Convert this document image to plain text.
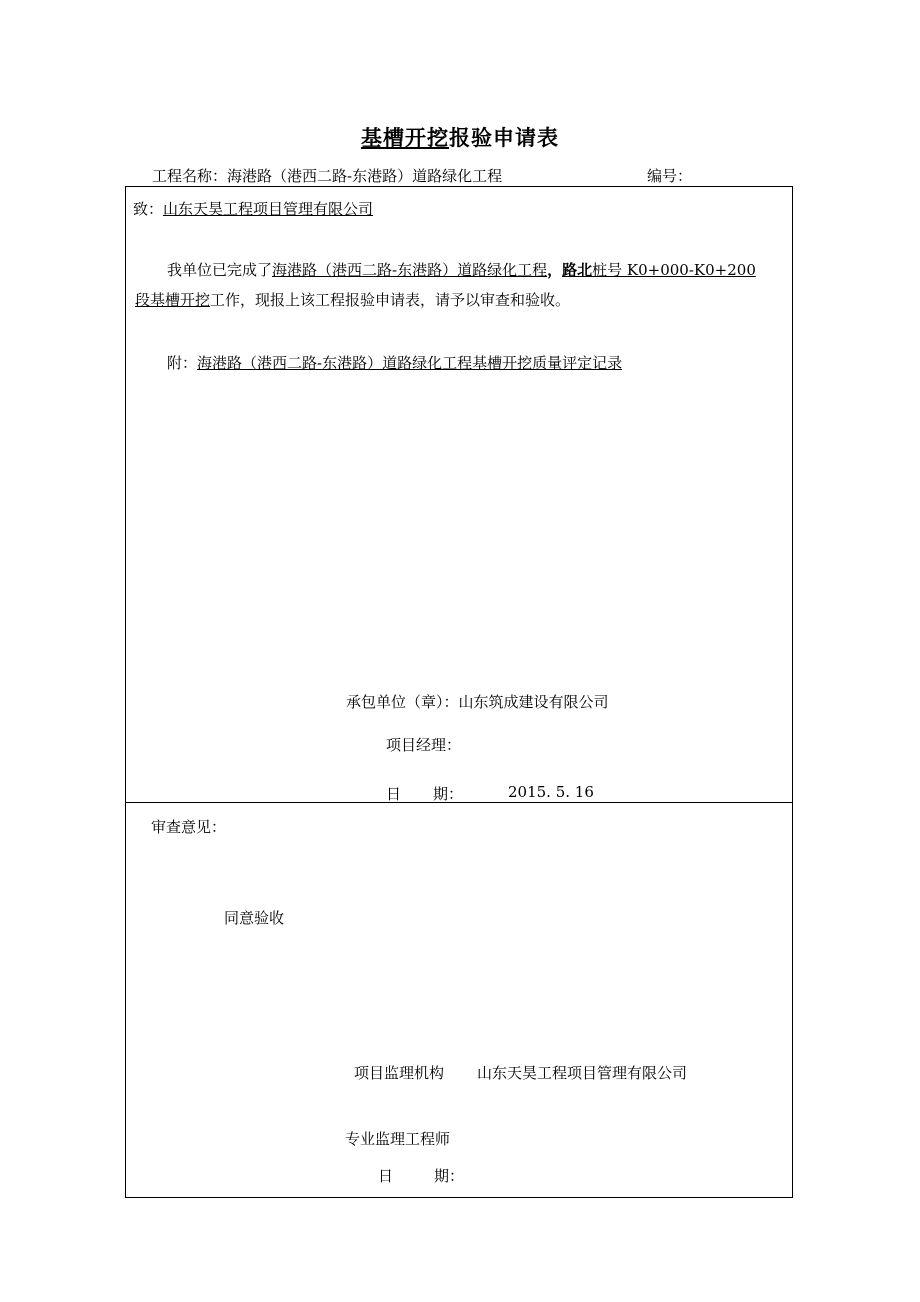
基槽开挖报验申请表
工程名称：海港路（港西二路-东港路）道路绿化工程	编号：
致：山东天昊工程项目管理有限公司
我单位已完成了海港路（港西二路-东港路）道路绿化工程，路北桩号 K0+000-K0+200
段基槽开挖工作，现报上该工程报验申请表，请予以审查和验收。
附：海港路（港西二路-东港路）道路绿化工程基槽开挖质量评定记录
承包单位（章）：山东筑成建设有限公司
项目经理：
日 期：	2015. 5. 16
审查意见：
同意验收
项目监理机构 山东天昊工程项目管理有限公司
专业监理工程师
日	期：
